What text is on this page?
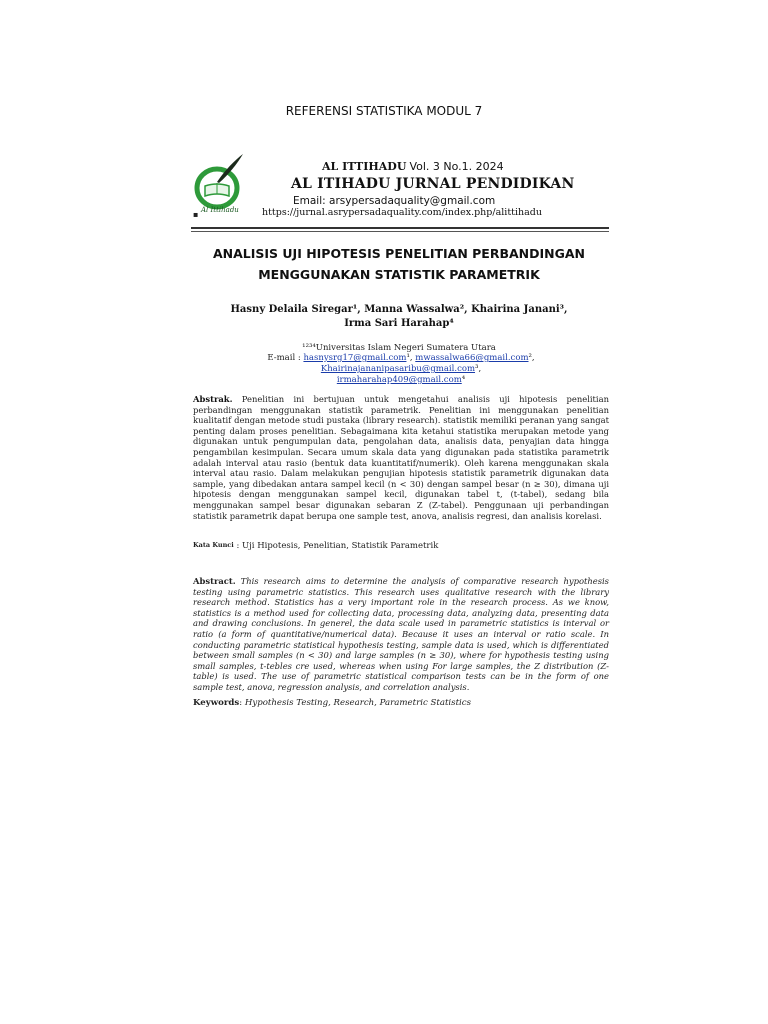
REFERENSI STATISTIKA MODUL 7
Al Ittihadu
▪
AL ITTIHADU Vol. 3 No.1. 2024
AL ITIHADU JURNAL PENDIDIKAN
Email: arsypersadaquality@gmail.com
https://jurnal.asrypersadaquality.com/index.php/alittihadu
ANALISIS UJI HIPOTESIS PENELITIAN PERBANDINGAN
MENGGUNAKAN STATISTIK PARAMETRIK
Hasny Delaila Siregar¹, Manna Wassalwa², Khairina Janani³,
Irma Sari Harahap⁴
¹²³⁴Universitas Islam Negeri Sumatera Utara
E-mail : hasnysrg17@gmail.com¹, mwassalwa66@gmail.com², Khairinajananipasaribu@gmail.com³,
irmaharahap409@gmail.com⁴
Abstrak. Penelitian ini bertujuan untuk mengetahui analisis uji hipotesis penelitian perbandingan menggunakan statistik parametrik. Penelitian ini menggunakan penelitian kualitatif dengan metode studi pustaka (library research). statistik memiliki peranan yang sangat penting dalam proses penelitian. Sebagaimana kita ketahui statistika merupakan metode yang digunakan untuk pengumpulan data, pengolahan data, analisis data, penyajian data hingga pengambilan kesimpulan. Secara umum skala data yang digunakan pada statistika parametrik adalah interval atau rasio (bentuk data kuantitatif/numerik). Oleh karena menggunakan skala interval atau rasio. Dalam melakukan pengujian hipotesis statistik parametrik digunakan data sample, yang dibedakan antara sampel kecil (n < 30) dengan sampel besar (n ≥ 30), dimana uji hipotesis dengan menggunakan sampel kecil, digunakan tabel t, (t-tabel), sedang bila menggunakan sampel besar digunakan sebaran Z (Z-tabel). Penggunaan uji perbandingan statistik parametrik dapat berupa one sample test, anova, analisis regresi, dan analisis korelasi.
Kata Kunci : Uji Hipotesis, Penelitian, Statistik Parametrik
Abstract. This research aims to determine the analysis of comparative research hypothesis testing using parametric statistics. This research uses qualitative research with the library research method. Statistics has a very important role in the research process. As we know, statistics is a method used for collecting data, processing data, analyzing data, presenting data and drawing conclusions. In generel, the data scale used in parametric statistics is interval or ratio (a form of quantitative/numerical data). Because it uses an interval or ratio scale. In conducting parametric statistical hypothesis testing, sample data is used, which is differentiated between small samples (n < 30) and large samples (n ≥ 30), where for hypothesis testing using small samples, t-tebles cre used, whereas when using For large samples, the Z distribution (Z-table) is used. The use of parametric statistical comparison tests can be in the form of one sample test, anova, regression analysis, and correlation analysis.
Keywords: Hypothesis Testing, Research, Parametric Statistics
